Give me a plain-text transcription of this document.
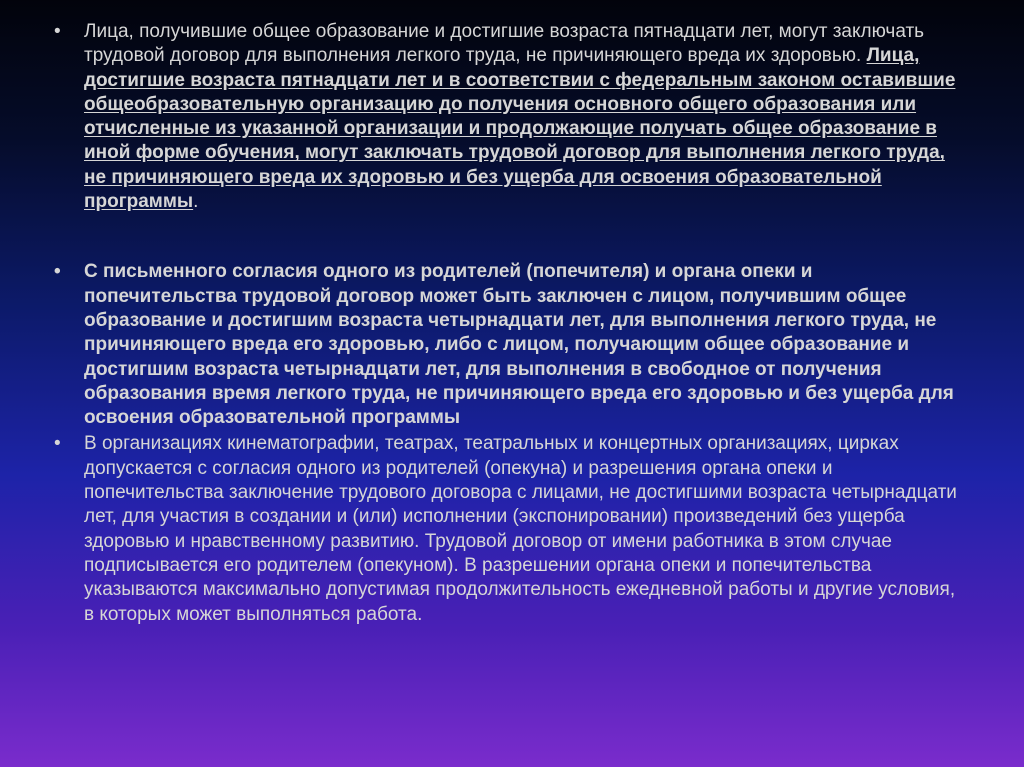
• Лица, получившие общее образование и достигшие возраста пятнадцати лет, могут заключать трудовой договор для выполнения легкого труда, не причиняющего вреда их здоровью. Лица, достигшие возраста пятнадцати лет и в соответствии с федеральным законом оставившие общеобразовательную организацию до получения основного общего образования или отчисленные из указанной организации и продолжающие получать общее образование в иной форме обучения, могут заключать трудовой договор для выполнения легкого труда, не причиняющего вреда их здоровью и без ущерба для освоения образовательной программы.
• С письменного согласия одного из родителей (попечителя) и органа опеки и попечительства трудовой договор может быть заключен с лицом, получившим общее образование и достигшим возраста четырнадцати лет, для выполнения легкого труда, не причиняющего вреда его здоровью, либо с лицом, получающим общее образование и достигшим возраста четырнадцати лет, для выполнения в свободное от получения образования время легкого труда, не причиняющего вреда его здоровью и без ущерба для освоения образовательной программы
• В организациях кинематографии, театрах, театральных и концертных организациях, цирках допускается с согласия одного из родителей (опекуна) и разрешения органа опеки и попечительства заключение трудового договора с лицами, не достигшими возраста четырнадцати лет, для участия в создании и (или) исполнении (экспонировании) произведений без ущерба здоровью и нравственному развитию. Трудовой договор от имени работника в этом случае подписывается его родителем (опекуном). В разрешении органа опеки и попечительства указываются максимально допустимая продолжительность ежедневной работы и другие условия, в которых может выполняться работа.
